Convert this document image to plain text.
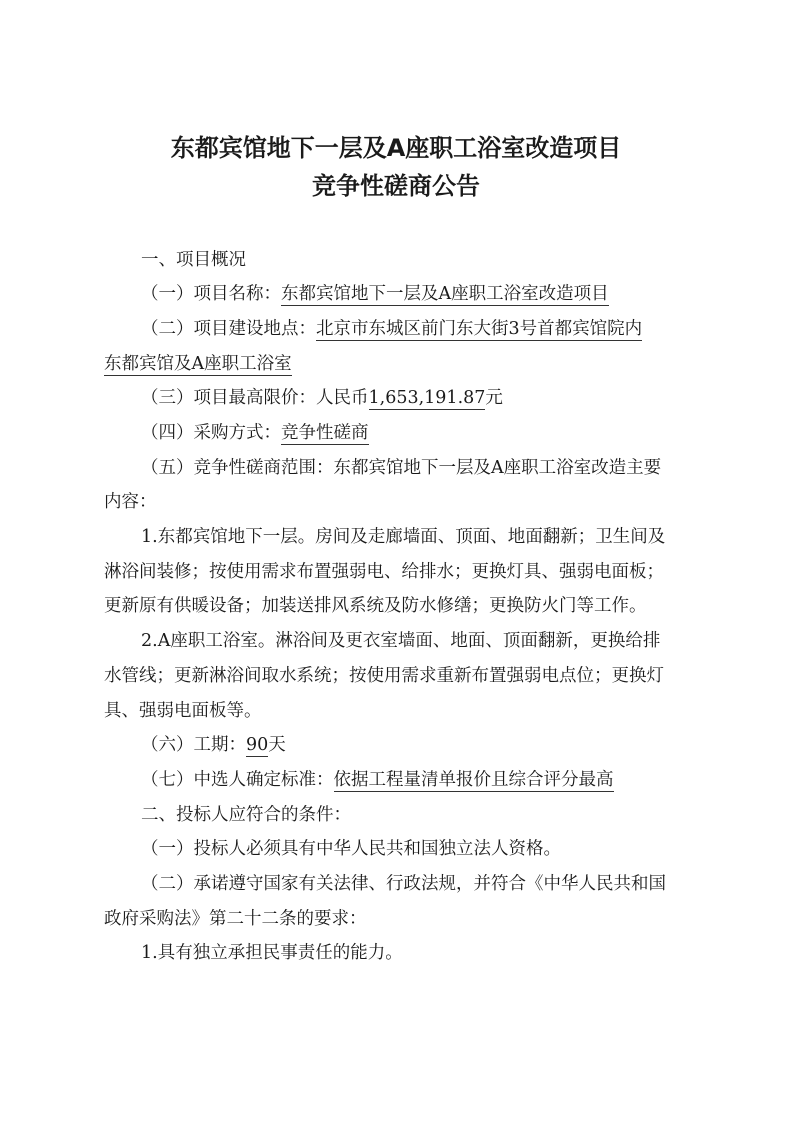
东都宾馆地下一层及A座职工浴室改造项目
竞争性磋商公告

一、项目概况

（一）项目名称：东都宾馆地下一层及A座职工浴室改造项目

（二）项目建设地点：北京市东城区前门东大街3号首都宾馆院内

东都宾馆及A座职工浴室

（三）项目最高限价：人民币1,653,191.87元

（四）采购方式：竞争性磋商

（五）竞争性磋商范围：东都宾馆地下一层及A座职工浴室改造主要

内容：

1.东都宾馆地下一层。房间及走廊墙面、顶面、地面翻新；卫生间及

淋浴间装修；按使用需求布置强弱电、给排水；更换灯具、强弱电面板；

更新原有供暖设备；加装送排风系统及防水修缮；更换防火门等工作。

2.A座职工浴室。淋浴间及更衣室墙面、地面、顶面翻新，更换给排

水管线；更新淋浴间取水系统；按使用需求重新布置强弱电点位；更换灯

具、强弱电面板等。

（六）工期：90天

（七）中选人确定标准：依据工程量清单报价且综合评分最高

二、投标人应符合的条件：

（一）投标人必须具有中华人民共和国独立法人资格。

（二）承诺遵守国家有关法律、行政法规，并符合《中华人民共和国

政府采购法》第二十二条的要求：

1.具有独立承担民事责任的能力。
